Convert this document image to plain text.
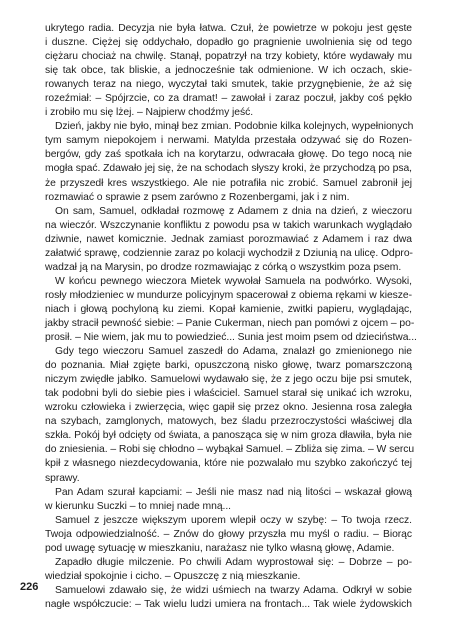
ukrytego radia. Decyzja nie była łatwa. Czuł, że powietrze w pokoju jest gęste
i duszne. Ciężej się oddychało, dopadło go pragnienie uwolnienia się od tego
ciężaru chociaż na chwilę. Stanął, popatrzył na trzy kobiety, które wydawały mu
się tak obce, tak bliskie, a jednocześnie tak odmienione. W ich oczach, skie-
rowanych teraz na niego, wyczytał taki smutek, takie przygnębienie, że aż się
rozeźmiał: – Spójrzcie, co za dramat! – zawołał i zaraz poczuł, jakby coś pękło
i zrobiło mu się lżej. – Najpierw chodźmy jeść.
Dzień, jakby nie było, minął bez zmian. Podobnie kilka kolejnych, wypełnionych
tym samym niepokojem i nerwami. Matylda przestała odzywać się do Rozen-
bergów, gdy zaś spotkała ich na korytarzu, odwracała głowę. Do tego nocą nie
mogła spać. Zdawało jej się, że na schodach słyszy kroki, że przychodzą po psa,
że przyszedł kres wszystkiego. Ale nie potrafiła nic zrobić. Samuel zabronił jej
rozmawiać o sprawie z psem zarówno z Rozenbergami, jak i z nim.
On sam, Samuel, odkładał rozmowę z Adamem z dnia na dzień, z wieczoru
na wieczór. Wszczynanie konfliktu z powodu psa w takich warunkach wyglądało
dziwnie, nawet komicznie. Jednak zamiast porozmawiać z Adamem i raz dwa
załatwić sprawę, codziennie zaraz po kolacji wychodził z Dziunią na ulicę. Odpro-
wadzał ją na Marysin, po drodze rozmawiając z córką o wszystkim poza psem.
W końcu pewnego wieczora Mietek wywołał Samuela na podwórko. Wysoki,
rosły młodzieniec w mundurze policyjnym spacerował z obiema rękami w kiesze-
niach i głową pochyloną ku ziemi. Kopał kamienie, zwitki papieru, wyglądając,
jakby stracił pewność siebie: – Panie Cukerman, niech pan pomówi z ojcem – po-
prosił. – Nie wiem, jak mu to powiedzieć... Sunia jest moim psem od dzieciństwa...
Gdy tego wieczoru Samuel zaszedł do Adama, znalazł go zmienionego nie
do poznania. Miał zgięte barki, opuszczoną nisko głowę, twarz pomarszczoną
niczym zwiędłe jabłko. Samuelowi wydawało się, że z jego oczu bije psi smutek,
tak podobni byli do siebie pies i właściciel. Samuel starał się unikać ich wzroku,
wzroku człowieka i zwierzęcia, więc gapił się przez okno. Jesienna rosa zaległa
na szybach, zamglonych, matowych, bez śladu przezroczystości właściwej dla
szkła. Pokój był odcięty od świata, a panosząca się w nim groza dławiła, była nie
do zniesienia. – Robi się chłodno – wybąkał Samuel. – Zbliża się zima. – W sercu
kpił z własnego niezdecydowania, które nie pozwalało mu szybko zakończyć tej
sprawy.
Pan Adam szurał kapciami: – Jeśli nie masz nad nią litości – wskazał głową
w kierunku Suczki – to mniej nade mną...
Samuel z jeszcze większym uporem wlepił oczy w szybę: – To twoja rzecz.
Twoja odpowiedzialność. – Znów do głowy przyszła mu myśl o radiu. – Biorąc
pod uwagę sytuację w mieszkaniu, narażasz nie tylko własną głowę, Adamie.
Zapadło długie milczenie. Po chwili Adam wyprostował się: – Dobrze – po-
wiedział spokojnie i cicho. – Opuszczę z nią mieszkanie.
Samuelowi zdawało się, że widzi uśmiech na twarzy Adama. Odkrył w sobie
nagłe współczucie: – Tak wielu ludzi umiera na frontach... Tak wiele żydowskich
226
